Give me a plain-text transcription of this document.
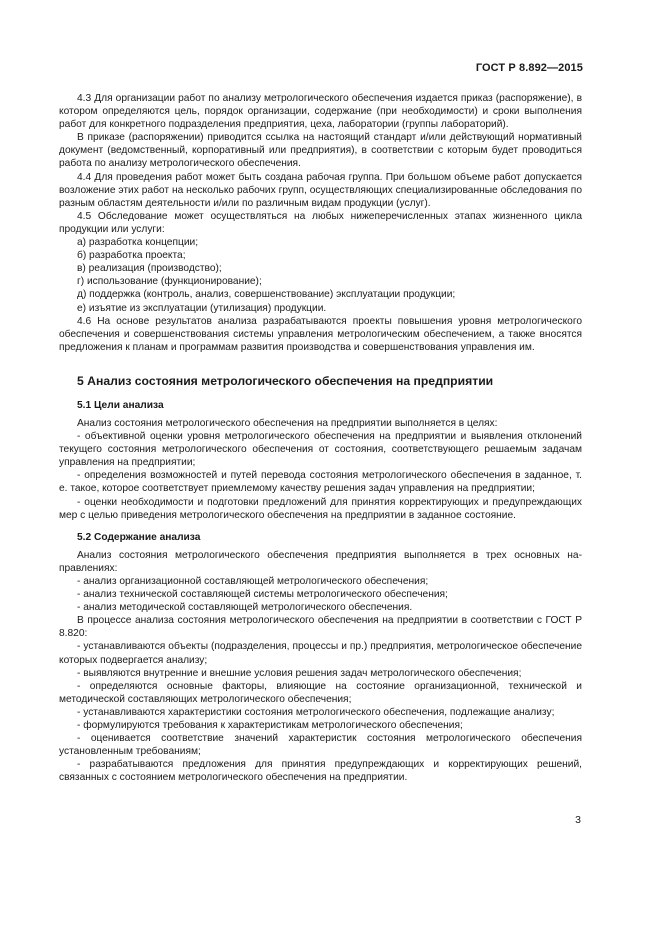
ГОСТ Р 8.892—2015

4.3 Для организации работ по анализу метрологического обеспечения издается приказ (распоряжение), в котором определяются цель, порядок организации, содержание (при необходимости) и сроки выполнения работ для конкретного подразделения предприятия, цеха, лаборатории (группы лабораторий).

В приказе (распоряжении) приводится ссылка на настоящий стандарт и/или действующий нормативный документ (ведомственный, корпоративный или предприятия), в соответствии с которым будет проводиться работа по анализу метрологического обеспечения.

4.4 Для проведения работ может быть создана рабочая группа. При большом объеме работ допускается возложение этих работ на несколько рабочих групп, осуществляющих специализированные обследования по разным областям деятельности и/или по различным видам продукции (услуг).

4.5 Обследование может осуществляться на любых нижеперечисленных этапах жизненного цикла продукции или услуги:

а) разработка концепции;

б) разработка проекта;

в) реализация (производство);

г) использование (функционирование);

д) поддержка (контроль, анализ, совершенствование) эксплуатации продукции;

е) изъятие из эксплуатации (утилизация) продукции.

4.6 На основе результатов анализа разрабатываются проекты повышения уровня метрологического обеспечения и совершенствования системы управления метрологическим обеспечением, а также вносятся предложения к планам и программам развития производства и совершенствования управления им.

5 Анализ состояния метрологического обеспечения на предприятии
5.1 Цели анализа

Анализ состояния метрологического обеспечения на предприятии выполняется в целях:

- объективной оценки уровня метрологического обеспечения на предприятии и выявления отклонений текущего состояния метрологического обеспечения от состояния, соответствующего решаемым задачам управления на предприятии;

- определения возможностей и путей перевода состояния метрологического обеспечения в заданное, т. е. такое, которое соответствует приемлемому качеству решения задач управления на предприятии;

- оценки необходимости и подготовки предложений для принятия корректирующих и предупреждающих мер с целью приведения метрологического обеспечения на предприятии в заданное состояние.

5.2 Содержание анализа

Анализ состояния метрологического обеспечения предприятия выполняется в трех основных направлениях:

- анализ организационной составляющей метрологического обеспечения;

- анализ технической составляющей системы метрологического обеспечения;

- анализ методической составляющей метрологического обеспечения.

В процессе анализа состояния метрологического обеспечения на предприятии в соответствии с ГОСТ Р 8.820:

- устанавливаются объекты (подразделения, процессы и пр.) предприятия, метрологическое обеспечение которых подвергается анализу;

- выявляются внутренние и внешние условия решения задач метрологического обеспечения;

- определяются основные факторы, влияющие на состояние организационной, технической и методической составляющих метрологического обеспечения;

- устанавливаются характеристики состояния метрологического обеспечения, подлежащие анализу;

- формулируются требования к характеристикам метрологического обеспечения;

- оценивается соответствие значений характеристик состояния метрологического обеспечения установленным требованиям;

- разрабатываются предложения для принятия предупреждающих и корректирующих решений, связанных с состоянием метрологического обеспечения на предприятии.

3
